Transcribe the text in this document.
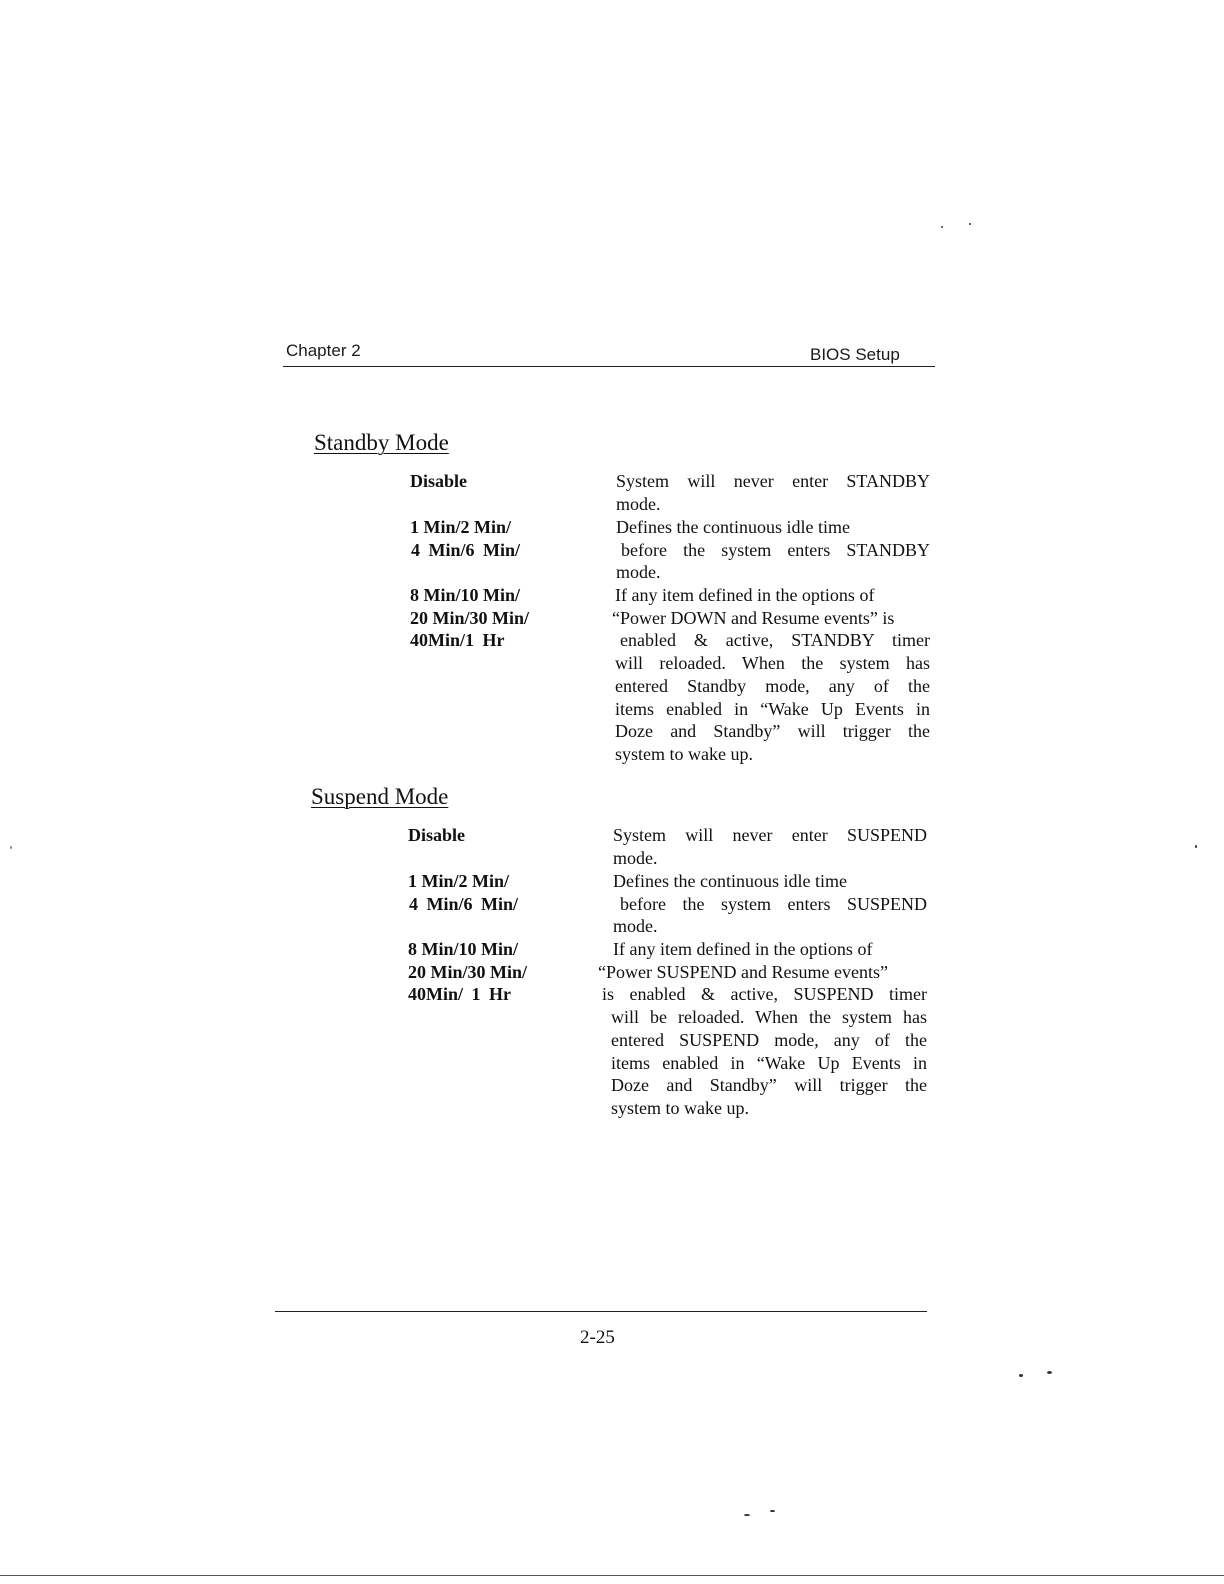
Chapter 2	BIOS Setup
Standby Mode
Disable
1 Min/2 Min/
4 Min/6 Min/
8 Min/10 Min/
20 Min/30 Min/
40Min/1 Hr
System will never enter STANDBY
mode.
Defines the continuous idle time
before the system enters STANDBY
mode.
If any item defined in the options of
“Power DOWN and Resume events” is
enabled & active, STANDBY timer
will reloaded. When the system has
entered Standby mode, any of the
items enabled in “Wake Up Events in
Doze and Standby” will trigger the
system to wake up.
Suspend Mode
Disable
1 Min/2 Min/
4 Min/6 Min/
8 Min/10 Min/
20 Min/30 Min/
40Min/ 1 Hr
System will never enter SUSPEND
mode.
Defines the continuous idle time
before the system enters SUSPEND
mode.
If any item defined in the options of
“Power SUSPEND and Resume events”
is enabled & active, SUSPEND timer
will be reloaded. When the system has
entered SUSPEND mode, any of the
items enabled in “Wake Up Events in
Doze and Standby” will trigger the
system to wake up.
2-25
